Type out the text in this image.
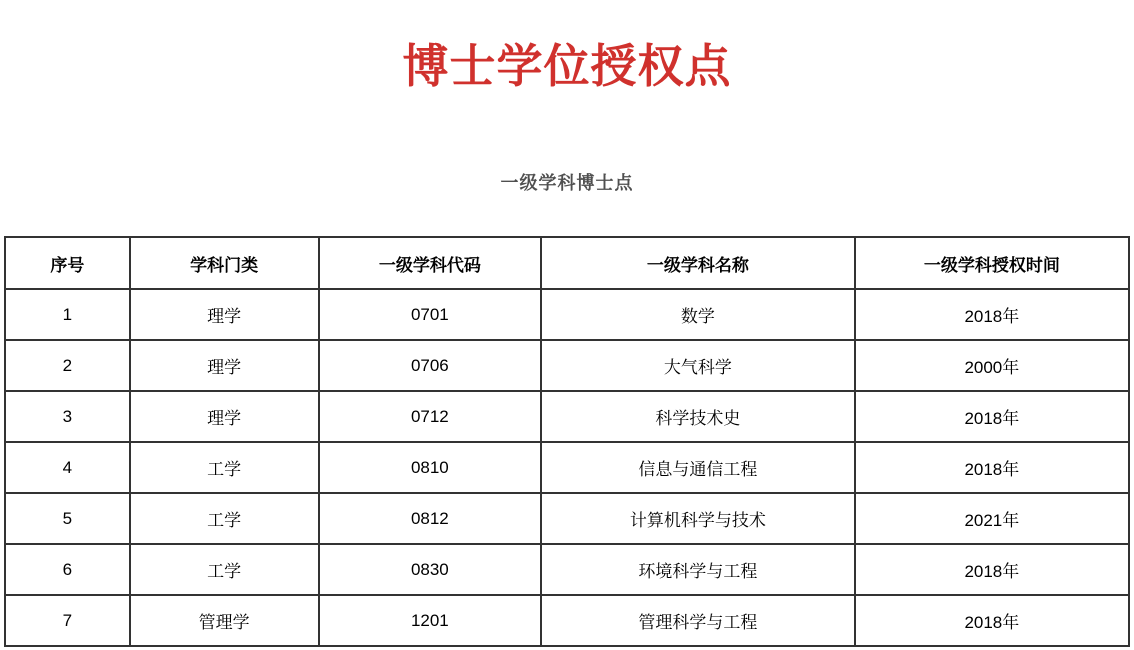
博士学位授权点
一级学科博士点
序号	学科门类	一级学科代码	一级学科名称	一级学科授权时间
1	理学	0701	数学	2018年
2	理学	0706	大气科学	2000年
3	理学	0712	科学技术史	2018年
4	工学	0810	信息与通信工程	2018年
5	工学	0812	计算机科学与技术	2021年
6	工学	0830	环境科学与工程	2018年
7	管理学	1201	管理科学与工程	2018年
